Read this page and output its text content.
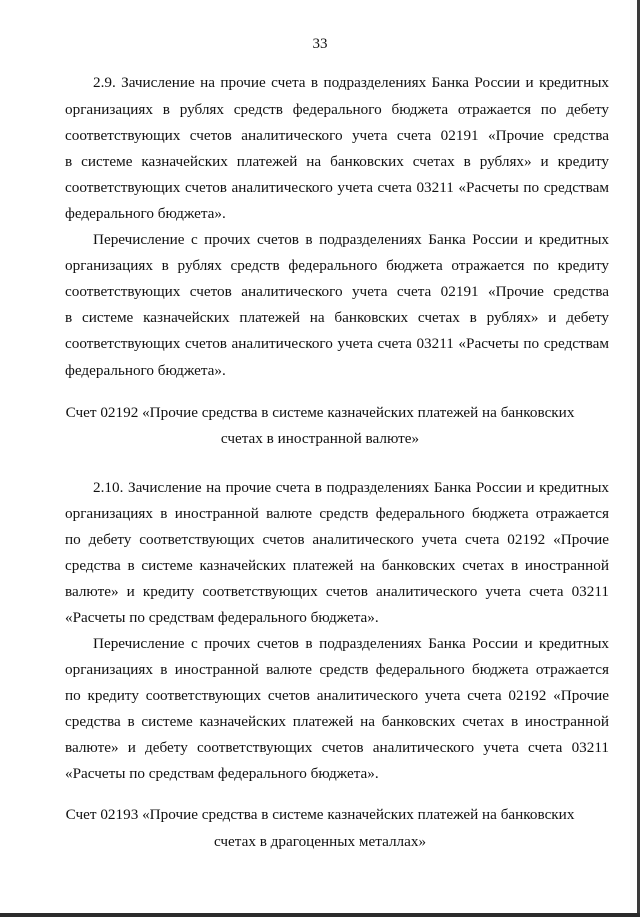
33
2.9. Зачисление на прочие счета в подразделениях Банка России и кредитных
организациях в рублях средств федерального бюджета отражается по дебету
соответствующих счетов аналитического учета счета 02191 «Прочие средства
в системе казначейских платежей на банковских счетах в рублях» и кредиту
соответствующих счетов аналитического учета счета 03211 «Расчеты по средствам
федерального бюджета».
Перечисление с прочих счетов в подразделениях Банка России и кредитных
организациях в рублях средств федерального бюджета отражается по кредиту
соответствующих счетов аналитического учета счета 02191 «Прочие средства
в системе казначейских платежей на банковских счетах в рублях» и дебету
соответствующих счетов аналитического учета счета 03211 «Расчеты по средствам
федерального бюджета».
Счет 02192 «Прочие средства в системе казначейских платежей на банковских
счетах в иностранной валюте»
2.10. Зачисление на прочие счета в подразделениях Банка России и кредитных
организациях в иностранной валюте средств федерального бюджета отражается
по дебету соответствующих счетов аналитического учета счета 02192 «Прочие
средства в системе казначейских платежей на банковских счетах в иностранной
валюте» и кредиту соответствующих счетов аналитического учета счета 03211
«Расчеты по средствам федерального бюджета».
Перечисление с прочих счетов в подразделениях Банка России и кредитных
организациях в иностранной валюте средств федерального бюджета отражается
по кредиту соответствующих счетов аналитического учета счета 02192 «Прочие
средства в системе казначейских платежей на банковских счетах в иностранной
валюте» и дебету соответствующих счетов аналитического учета счета 03211
«Расчеты по средствам федерального бюджета».
Счет 02193 «Прочие средства в системе казначейских платежей на банковских
счетах в драгоценных металлах»
